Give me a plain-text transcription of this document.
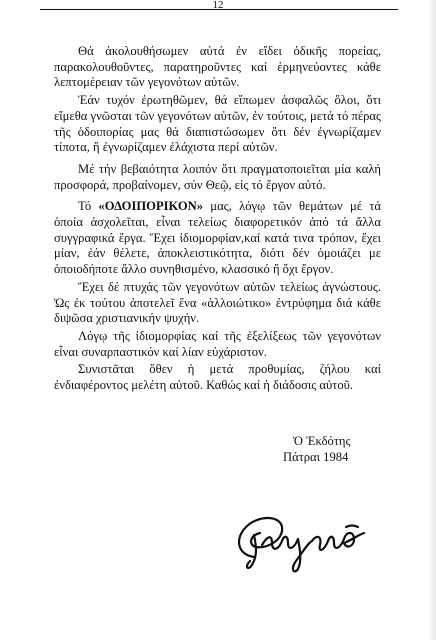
12

Θά ἀκολουθήσωμεν αὐτά ἐν εἴδει ὁδικῆς πορείας, παρακολουθοῦντες, παρατηροῦντες καί ἑρμηνεύοντες κάθε λεπτομέρειαν τῶν γεγονότων αὐτῶν.

Ἐάν τυχόν ἐρωτηθῶμεν, θά εἴπωμεν ἀσφαλῶς ὅλοι, ὅτι εἴμεθα γνῶσται τῶν γεγονότων αὐτῶν, ἐν τούτοις, μετά τό πέρας τῆς ὁδοιπορίας μας θά διαπιστώσωμεν ὅτι δέν ἐγνωρίζαμεν τίποτα, ἤ ἐγνωρίζαμεν ἐλάχιστα περί αὐτῶν.

Μέ τήν βεβαιότητα λοιπόν ὅτι πραγματοποιεῖται μία καλή προσφορά, προβαίνομεν, σύν Θεῷ, εἰς τό ἔργον αὐτό.

Τό «ΟΔΟΙΠΟΡΙΚΟΝ» μας, λόγῳ τῶν θεμάτων μέ τά ὁποία ἀσχολεῖται, εἶναι τελείως διαφορετικόν ἀπό τά ἄλλα συγγραφικά ἔργα. Ἔχει ἰδιομορφίαν,καί κατά τινα τρόπον, ἔχει μίαν, ἐάν θέλετε, ἀποκλειστικότητα, διότι δέν ὁμοιάζει με ὁποιοδήποτε ἄλλο συνηθισμένο, κλασσικό ἤ ὄχι ἔργον.

Ἔχει δέ πτυχάς τῶν γεγονότων αὐτῶν τελείως ἀγνώστους. Ὡς ἐκ τούτου ἀποτελεῖ ἕνα «ἀλλοιώτικο» ἐντρύφημα διά κάθε διψῶσα χριστιανικήν ψυχήν.

Λόγῳ τῆς ἰδιομορφίας καί τῆς ἐξελίξεως τῶν γεγονότων εἶναι συναρπαστικόν καί λίαν εὐχάριστον.

Συνιστᾶται ὅθεν ἡ μετά προθυμίας, ζήλου καί ἐνδιαφέροντος μελέτη αὐτοῦ. Καθώς καί ἡ διάδοσις αὐτοῦ.

Ὁ Ἐκδότης
Πάτραι 1984
